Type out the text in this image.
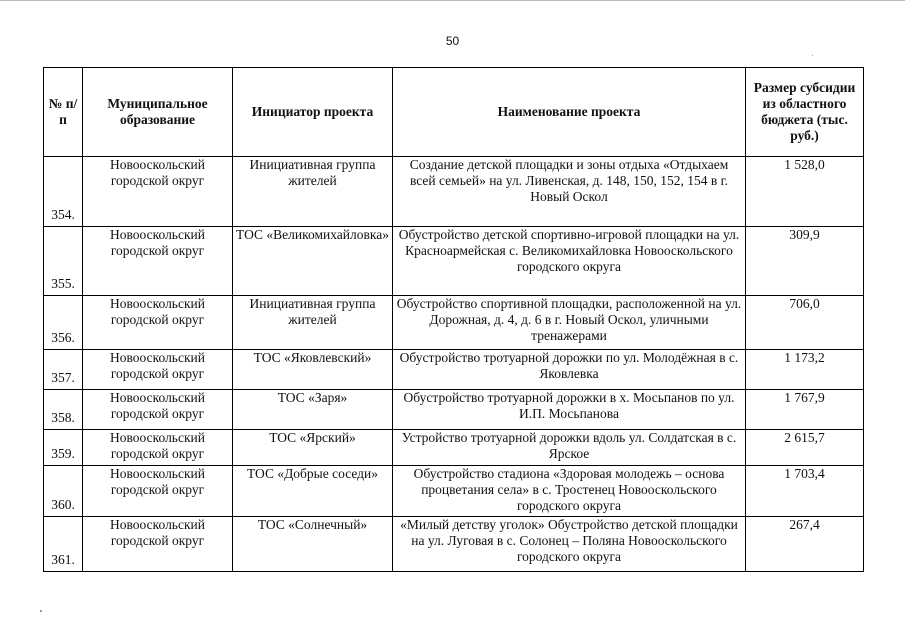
50
№ п/п	Муниципальное образование	Инициатор проекта	Наименование проекта	Размер субсидии из областного бюджета (тыс. руб.)
354.	Новооскольский городской округ	Инициативная группа жителей	Создание детской площадки и зоны отдыха «Отдыхаем всей семьей» на ул. Ливенская, д. 148, 150, 152, 154 в г. Новый Оскол	1 528,0
355.	Новооскольский городской округ	ТОС «Великомихайловка»	Обустройство детской спортивно-игровой площадки на ул. Красноармейская с. Великомихайловка Новооскольского городского округа	309,9
356.	Новооскольский городской округ	Инициативная группа жителей	Обустройство спортивной площадки, расположенной на ул. Дорожная, д. 4, д. 6 в г. Новый Оскол, уличными тренажерами	706,0
357.	Новооскольский городской округ	ТОС «Яковлевский»	Обустройство тротуарной дорожки по ул. Молодёжная в с. Яковлевка	1 173,2
358.	Новооскольский городской округ	ТОС «Заря»	Обустройство тротуарной дорожки в х. Мосьпанов по ул. И.П. Мосьпанова	1 767,9
359.	Новооскольский городской округ	ТОС «Ярский»	Устройство тротуарной дорожки вдоль ул. Солдатская в с. Ярское	2 615,7
360.	Новооскольский городской округ	ТОС «Добрые соседи»	Обустройство стадиона «Здоровая молодежь – основа процветания села» в с. Тростенец Новооскольского городского округа	1 703,4
361.	Новооскольский городской округ	ТОС «Солнечный»	«Милый детству уголок» Обустройство детской площадки на ул. Луговая в с. Солонец – Поляна Новооскольского городского округа	267,4
